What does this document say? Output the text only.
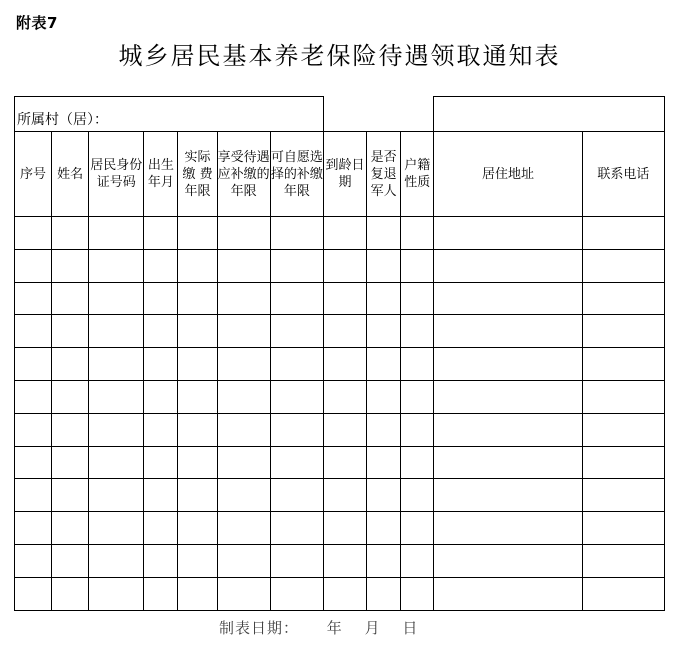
附表7
城乡居民基本养老保险待遇领取通知表
所属村（居）：											
序号	姓名	居民身份证号码	出生年月	实际缴 费年限	享受待遇应补缴的年限	可自愿选择的补缴年限	到龄日期	是否复退军人	户籍性质	居住地址	联系电话

制表日期： 年 月 日
